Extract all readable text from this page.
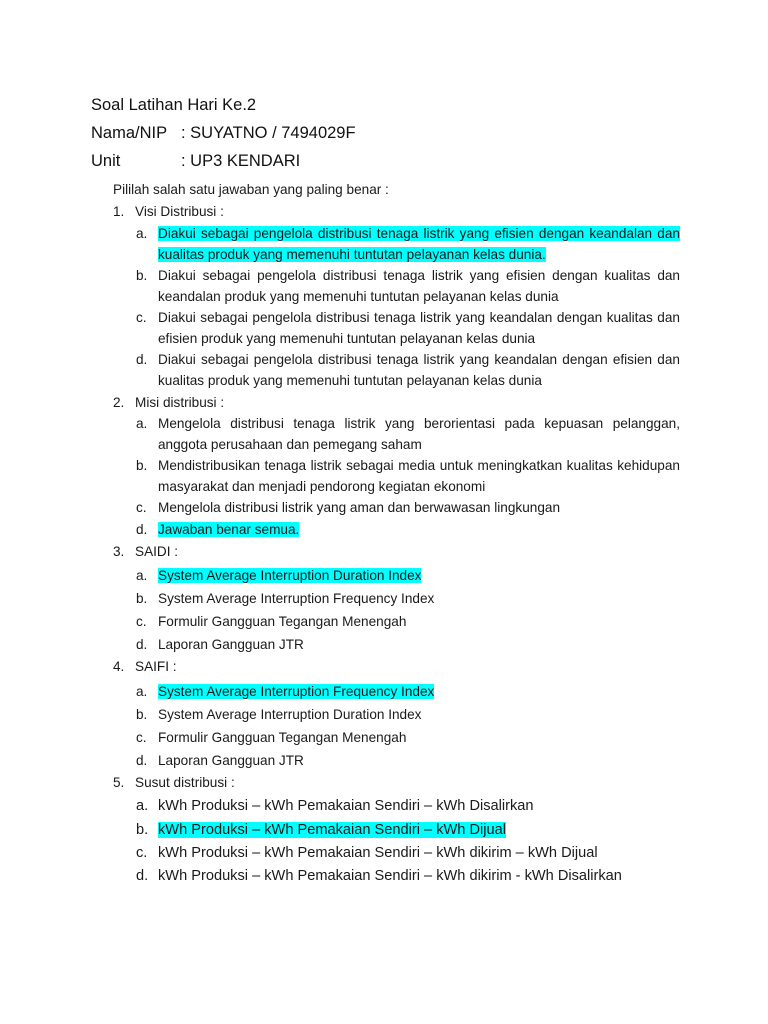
Soal Latihan Hari Ke.2
Nama/NIP : SUYATNO / 7494029F
Unit	: UP3 KENDARI
Pililah salah satu jawaban yang paling benar :
1. Visi Distribusi :
a. Diakui sebagai pengelola distribusi tenaga listrik yang efisien dengan keandalan dan kualitas produk yang memenuhi tuntutan pelayanan kelas dunia.
b. Diakui sebagai pengelola distribusi tenaga listrik yang efisien dengan kualitas dan keandalan produk yang memenuhi tuntutan pelayanan kelas dunia
c. Diakui sebagai pengelola distribusi tenaga listrik yang keandalan dengan kualitas dan efisien produk yang memenuhi tuntutan pelayanan kelas dunia
d. Diakui sebagai pengelola distribusi tenaga listrik yang keandalan dengan efisien dan kualitas produk yang memenuhi tuntutan pelayanan kelas dunia
2. Misi distribusi :
a. Mengelola distribusi tenaga listrik yang berorientasi pada kepuasan pelanggan, anggota perusahaan dan pemegang saham
b. Mendistribusikan tenaga listrik sebagai media untuk meningkatkan kualitas kehidupan masyarakat dan menjadi pendorong kegiatan ekonomi
c. Mengelola distribusi listrik yang aman dan berwawasan lingkungan
d. Jawaban benar semua.
3. SAIDI :
a. System Average Interruption Duration Index
b. System Average Interruption Frequency Index
c. Formulir Gangguan Tegangan Menengah
d. Laporan Gangguan JTR
4. SAIFI :
a. System Average Interruption Frequency Index
b. System Average Interruption Duration Index
c. Formulir Gangguan Tegangan Menengah
d. Laporan Gangguan JTR
5. Susut distribusi :
a. kWh Produksi – kWh Pemakaian Sendiri – kWh Disalirkan
b. kWh Produksi – kWh Pemakaian Sendiri – kWh Dijual
c. kWh Produksi – kWh Pemakaian Sendiri – kWh dikirim – kWh Dijual
d. kWh Produksi – kWh Pemakaian Sendiri – kWh dikirim - kWh Disalirkan
